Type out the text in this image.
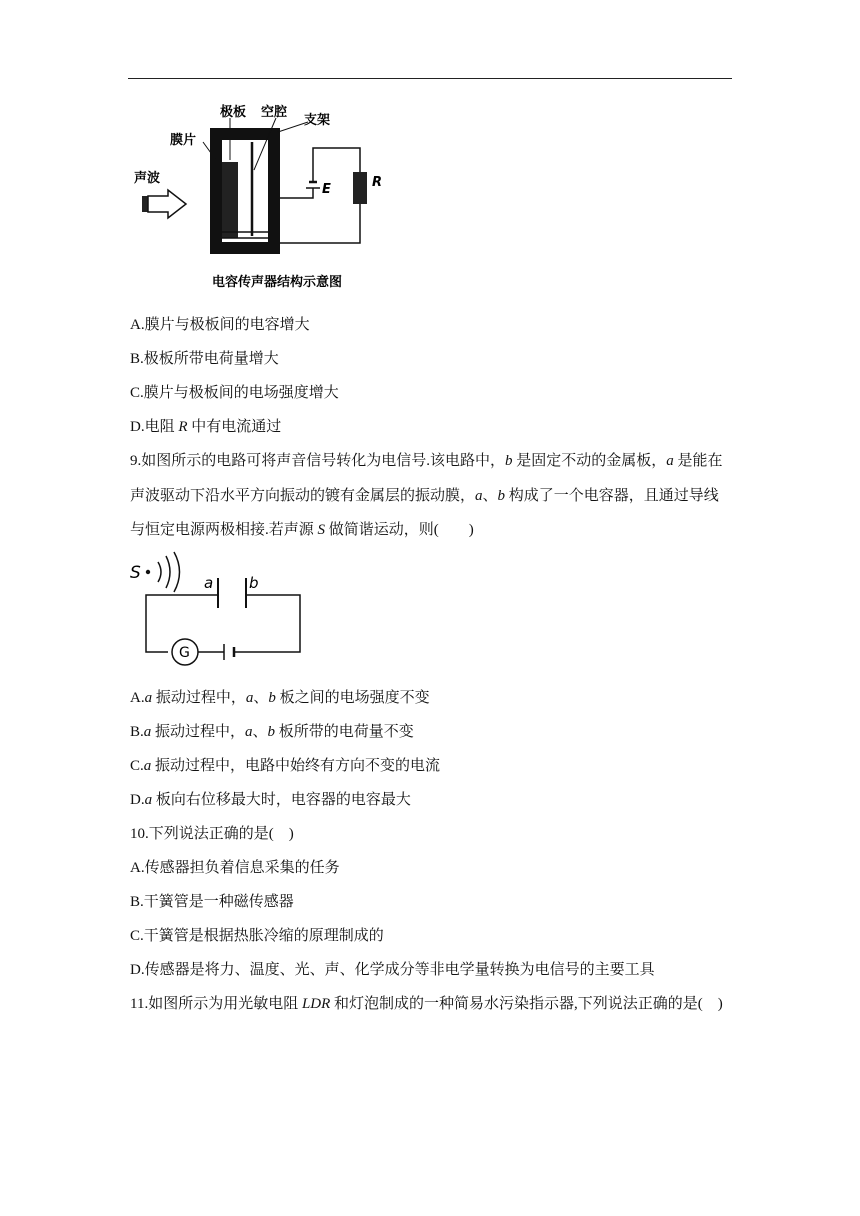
极板 空腔
支架
膜片
声波
E	R
电容传声器结构示意图
A.膜片与极板间的电容增大
B.极板所带电荷量增大
C.膜片与极板间的电场强度增大
D.电阻 R 中有电流通过
9.如图所示的电路可将声音信号转化为电信号.该电路中，b 是固定不动的金属板，a 是能在
声波驱动下沿水平方向振动的镀有金属层的振动膜，a、b 构成了一个电容器，且通过导线
与恒定电源两极相接.若声源 S 做简谐运动，则(　　)
S	a b
G
A.a 振动过程中，a、b 板之间的电场强度不变
B.a 振动过程中，a、b 板所带的电荷量不变
C.a 振动过程中，电路中始终有方向不变的电流
D.a 板向右位移最大时，电容器的电容最大
10.下列说法正确的是(　)
A.传感器担负着信息采集的任务
B.干簧管是一种磁传感器
C.干簧管是根据热胀冷缩的原理制成的
D.传感器是将力、温度、光、声、化学成分等非电学量转换为电信号的主要工具
11.如图所示为用光敏电阻 LDR 和灯泡制成的一种简易水污染指示器,下列说法正确的是(　)
